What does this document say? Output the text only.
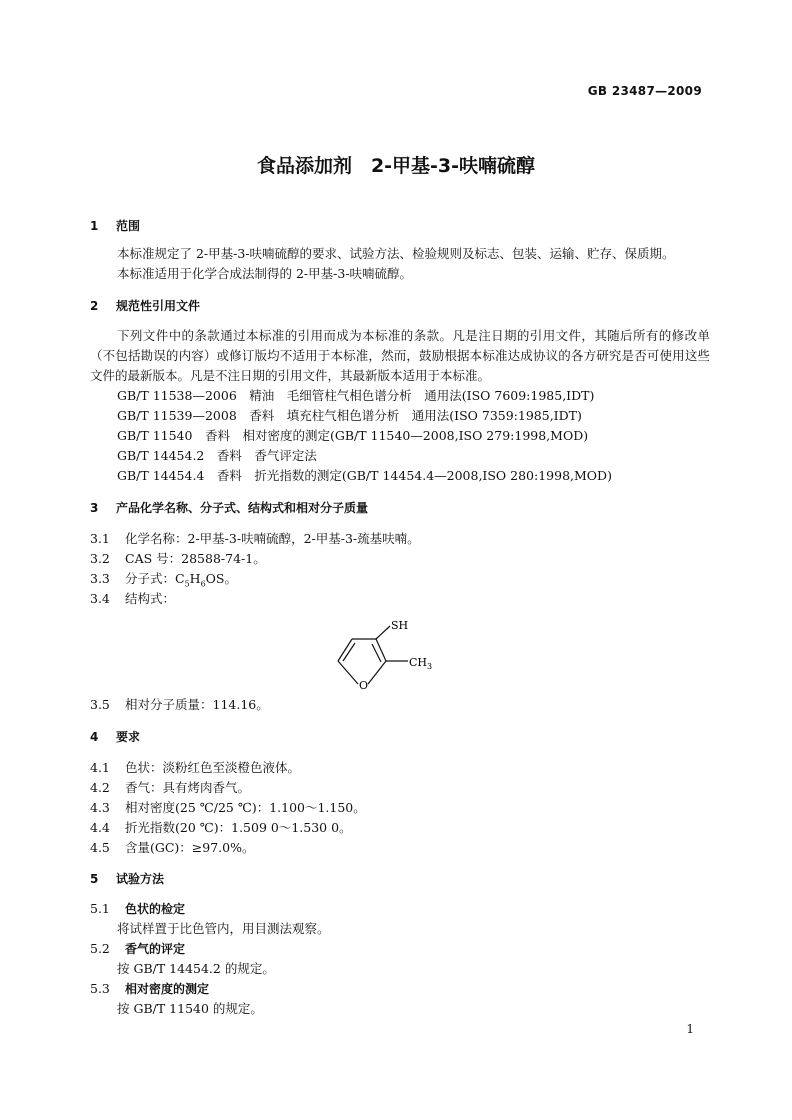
GB 23487—2009
食品添加剂　2-甲基-3-呋喃硫醇
1 范围
本标准规定了 2-甲基-3-呋喃硫醇的要求、试验方法、检验规则及标志、包装、运输、贮存、保质期。
本标准适用于化学合成法制得的 2-甲基-3-呋喃硫醇。
2 规范性引用文件
下列文件中的条款通过本标准的引用而成为本标准的条款。凡是注日期的引用文件，其随后所有的修改单（不包括勘误的内容）或修订版均不适用于本标准，然而，鼓励根据本标准达成协议的各方研究是否可使用这些文件的最新版本。凡是不注日期的引用文件，其最新版本适用于本标准。
GB/T 11538—2006　精油　毛细管柱气相色谱分析　通用法(ISO 7609:1985,IDT)
GB/T 11539—2008　香料　填充柱气相色谱分析　通用法(ISO 7359:1985,IDT)
GB/T 11540　香料　相对密度的测定(GB/T 11540—2008,ISO 279:1998,MOD)
GB/T 14454.2　香料　香气评定法
GB/T 14454.4　香料　折光指数的测定(GB/T 14454.4—2008,ISO 280:1998,MOD)
3 产品化学名称、分子式、结构式和相对分子质量
3.1 化学名称：2-甲基-3-呋喃硫醇，2-甲基-3-巯基呋喃。
3.2 CAS 号：28588-74-1。
3.3 分子式：$C_5H_6OS$。
3.4 结构式：
SH
$CH_3$
O
3.5 相对分子质量：114.16。
4 要求
4.1 色状：淡粉红色至淡橙色液体。
4.2 香气：具有烤肉香气。
4.3 相对密度(25 ℃/25 ℃)：1.100～1.150。
4.4 折光指数(20 ℃)：1.509 0～1.530 0。
4.5 含量(GC)：≥97.0%。
5 试验方法
5.1 色状的检定
将试样置于比色管内，用目测法观察。
5.2 香气的评定
按 GB/T 14454.2 的规定。
5.3 相对密度的测定
按 GB/T 11540 的规定。
1
